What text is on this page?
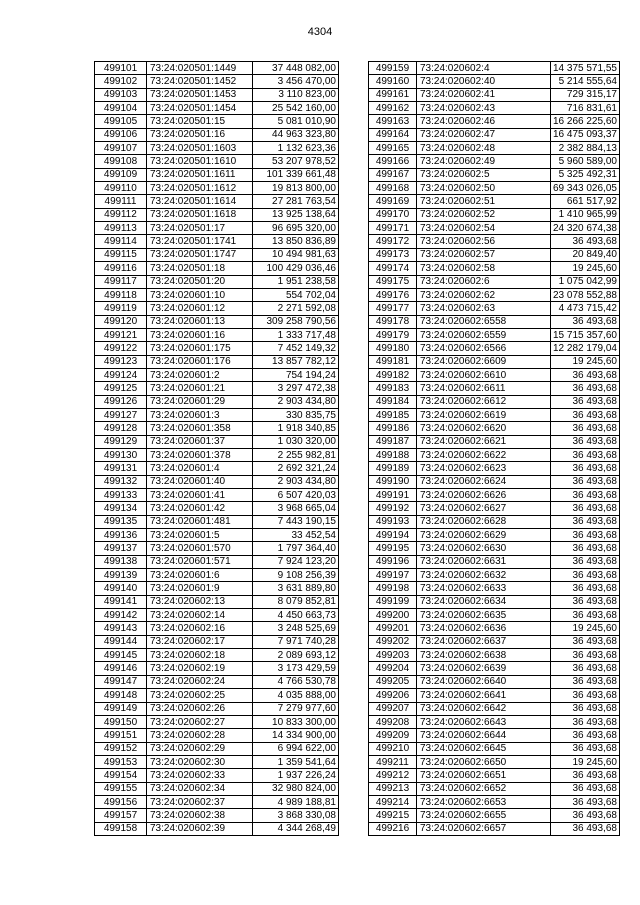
4304
499101	73:24:020501:1449	37 448 082,00
499102	73:24:020501:1452	3 456 470,00
499103	73:24:020501:1453	3 110 823,00
499104	73:24:020501:1454	25 542 160,00
499105	73:24:020501:15	5 081 010,90
499106	73:24:020501:16	44 963 323,80
499107	73:24:020501:1603	1 132 623,36
499108	73:24:020501:1610	53 207 978,52
499109	73:24:020501:1611	101 339 661,48
499110	73:24:020501:1612	19 813 800,00
499111	73:24:020501:1614	27 281 763,54
499112	73:24:020501:1618	13 925 138,64
499113	73:24:020501:17	96 695 320,00
499114	73:24:020501:1741	13 850 836,89
499115	73:24:020501:1747	10 494 981,63
499116	73:24:020501:18	100 429 036,46
499117	73:24:020501:20	1 951 238,58
499118	73:24:020601:10	554 702,04
499119	73:24:020601:12	2 271 592,08
499120	73:24:020601:13	309 258 790,56
499121	73:24:020601:16	1 333 717,48
499122	73:24:020601:175	7 452 149,32
499123	73:24:020601:176	13 857 782,12
499124	73:24:020601:2	754 194,24
499125	73:24:020601:21	3 297 472,38
499126	73:24:020601:29	2 903 434,80
499127	73:24:020601:3	330 835,75
499128	73:24:020601:358	1 918 340,85
499129	73:24:020601:37	1 030 320,00
499130	73:24:020601:378	2 255 982,81
499131	73:24:020601:4	2 692 321,24
499132	73:24:020601:40	2 903 434,80
499133	73:24:020601:41	6 507 420,03
499134	73:24:020601:42	3 968 665,04
499135	73:24:020601:481	7 443 190,15
499136	73:24:020601:5	33 452,54
499137	73:24:020601:570	1 797 364,40
499138	73:24:020601:571	7 924 123,20
499139	73:24:020601:6	9 108 256,39
499140	73:24:020601:9	3 631 889,80
499141	73:24:020602:13	8 079 852,81
499142	73:24:020602:14	4 450 663,73
499143	73:24:020602:16	3 248 525,69
499144	73:24:020602:17	7 971 740,28
499145	73:24:020602:18	2 089 693,12
499146	73:24:020602:19	3 173 429,59
499147	73:24:020602:24	4 766 530,78
499148	73:24:020602:25	4 035 888,00
499149	73:24:020602:26	7 279 977,60
499150	73:24:020602:27	10 833 300,00
499151	73:24:020602:28	14 334 900,00
499152	73:24:020602:29	6 994 622,00
499153	73:24:020602:30	1 359 541,64
499154	73:24:020602:33	1 937 226,24
499155	73:24:020602:34	32 980 824,00
499156	73:24:020602:37	4 989 188,81
499157	73:24:020602:38	3 868 330,08
499158	73:24:020602:39	4 344 268,49
499159	73:24:020602:4	14 375 571,55
499160	73:24:020602:40	5 214 555,64
499161	73:24:020602:41	729 315,17
499162	73:24:020602:43	716 831,61
499163	73:24:020602:46	16 266 225,60
499164	73:24:020602:47	16 475 093,37
499165	73:24:020602:48	2 382 884,13
499166	73:24:020602:49	5 960 589,00
499167	73:24:020602:5	5 325 492,31
499168	73:24:020602:50	69 343 026,05
499169	73:24:020602:51	661 517,92
499170	73:24:020602:52	1 410 965,99
499171	73:24:020602:54	24 320 674,38
499172	73:24:020602:56	36 493,68
499173	73:24:020602:57	20 849,40
499174	73:24:020602:58	19 245,60
499175	73:24:020602:6	1 075 042,99
499176	73:24:020602:62	23 078 552,88
499177	73:24:020602:63	4 473 715,42
499178	73:24:020602:6558	36 493,68
499179	73:24:020602:6559	15 715 357,60
499180	73:24:020602:6566	12 282 179,04
499181	73:24:020602:6609	19 245,60
499182	73:24:020602:6610	36 493,68
499183	73:24:020602:6611	36 493,68
499184	73:24:020602:6612	36 493,68
499185	73:24:020602:6619	36 493,68
499186	73:24:020602:6620	36 493,68
499187	73:24:020602:6621	36 493,68
499188	73:24:020602:6622	36 493,68
499189	73:24:020602:6623	36 493,68
499190	73:24:020602:6624	36 493,68
499191	73:24:020602:6626	36 493,68
499192	73:24:020602:6627	36 493,68
499193	73:24:020602:6628	36 493,68
499194	73:24:020602:6629	36 493,68
499195	73:24:020602:6630	36 493,68
499196	73:24:020602:6631	36 493,68
499197	73:24:020602:6632	36 493,68
499198	73:24:020602:6633	36 493,68
499199	73:24:020602:6634	36 493,68
499200	73:24:020602:6635	36 493,68
499201	73:24:020602:6636	19 245,60
499202	73:24:020602:6637	36 493,68
499203	73:24:020602:6638	36 493,68
499204	73:24:020602:6639	36 493,68
499205	73:24:020602:6640	36 493,68
499206	73:24:020602:6641	36 493,68
499207	73:24:020602:6642	36 493,68
499208	73:24:020602:6643	36 493,68
499209	73:24:020602:6644	36 493,68
499210	73:24:020602:6645	36 493,68
499211	73:24:020602:6650	19 245,60
499212	73:24:020602:6651	36 493,68
499213	73:24:020602:6652	36 493,68
499214	73:24:020602:6653	36 493,68
499215	73:24:020602:6655	36 493,68
499216	73:24:020602:6657	36 493,68
